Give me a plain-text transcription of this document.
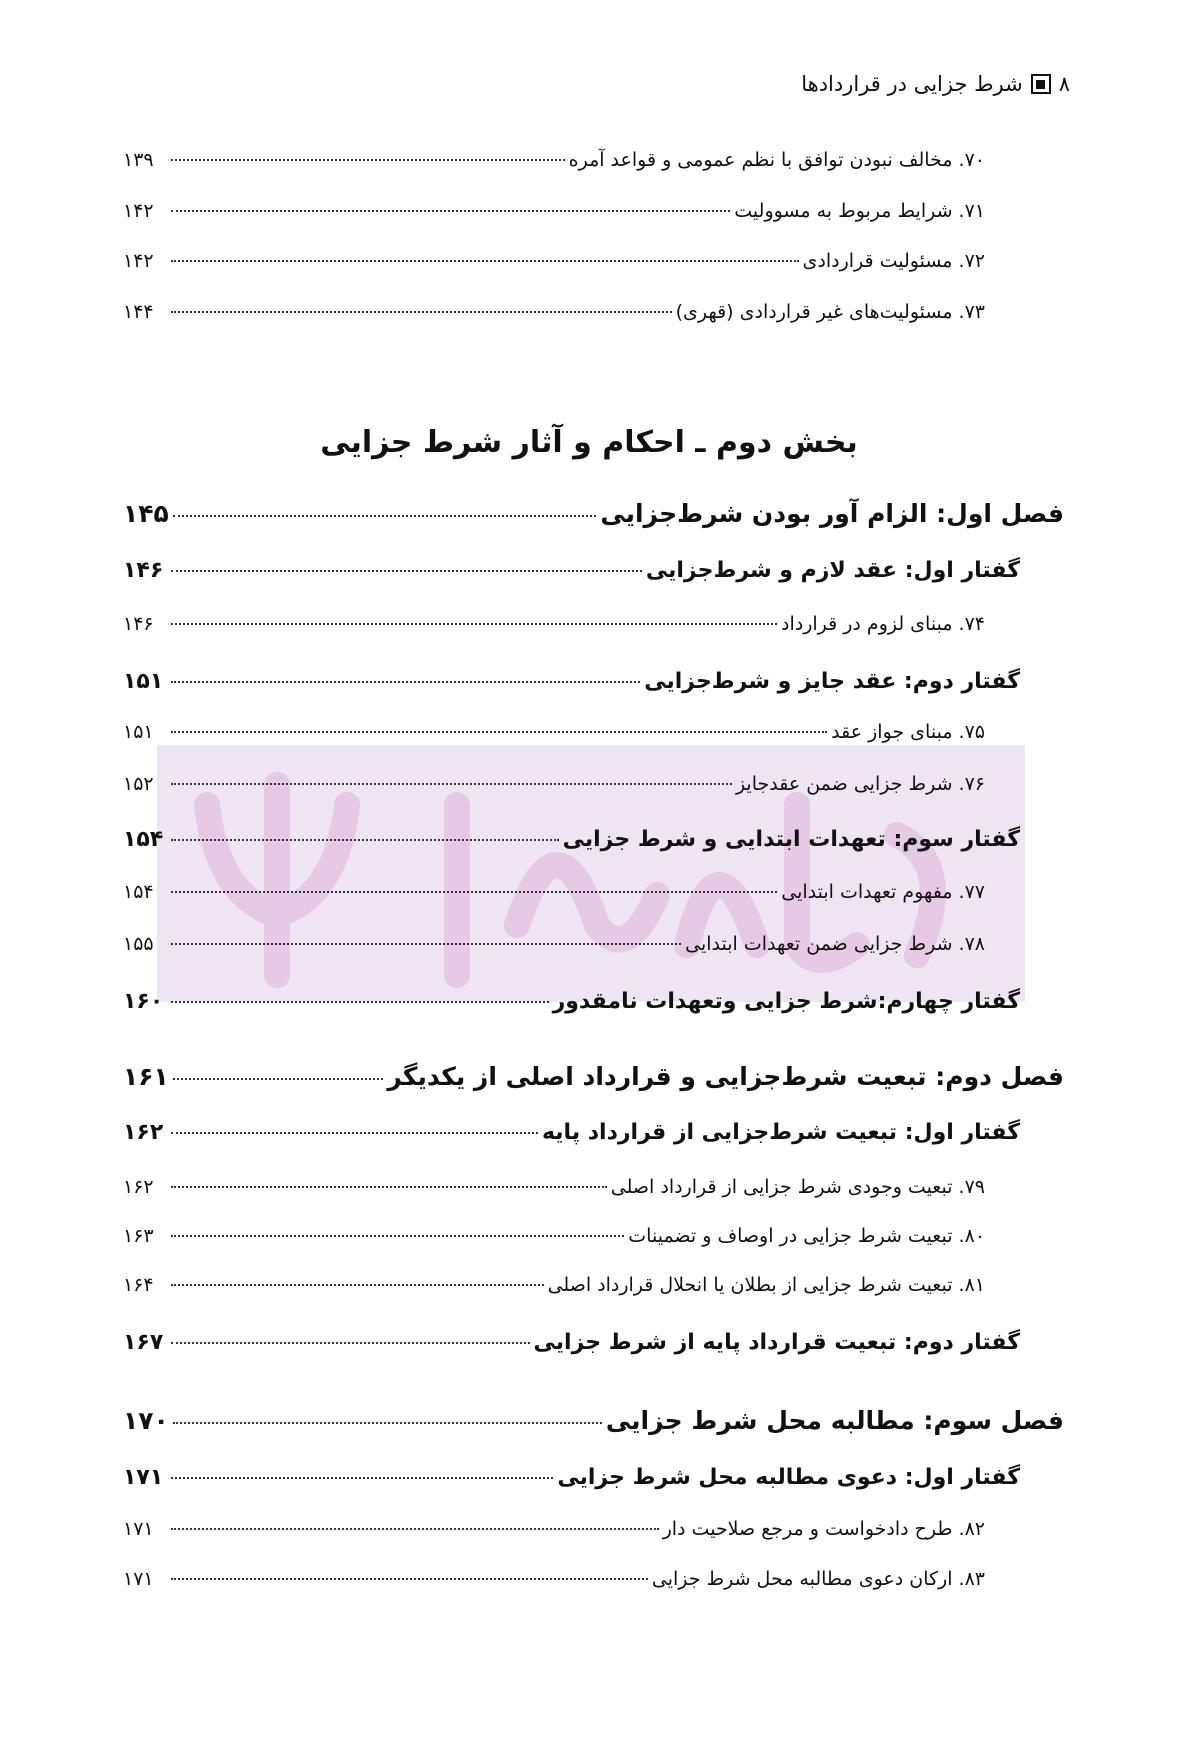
۸
شرط جزایی در قراردادها
بخش دوم ـ احکام و آثار شرط جزایی
۷۰. مخالف نبودن توافق با نظم عمومی و قواعد آمره
۱۳۹
۷۱. شرایط مربوط به مسوولیت
۱۴۲
۷۲. مسئولیت قراردادی
۱۴۲
۷۳. مسئولیت‌های غیر قراردادی (قهری)
۱۴۴
فصل اول: الزام آور بودن شرط‌جزایی
۱۴۵
گفتار اول: عقد لازم و شرط‌جزایی
۱۴۶
۷۴. مبنای لزوم در قرارداد
۱۴۶
گفتار دوم: عقد جایز و شرط‌جزایی
۱۵۱
۷۵. مبنای جواز عقد
۱۵۱
۷۶. شرط جزایی ضمن عقدجایز
۱۵۲
گفتار سوم: تعهدات ابتدایی و شرط جزایی
۱۵۴
۷۷. مفهوم تعهدات ابتدایی
۱۵۴
۷۸. شرط جزایی ضمن تعهدات ابتدایی
۱۵۵
گفتار چهارم:شرط جزایی وتعهدات نامقدور
۱۶۰
فصل دوم: تبعیت شرط‌جزایی و قرارداد اصلی از یکدیگر
۱۶۱
گفتار اول: تبعیت شرط‌جزایی از قرارداد پایه
۱۶۲
۷۹. تبعیت وجودی شرط جزایی از قرارداد اصلی
۱۶۲
۸۰. تبعیت شرط جزایی در اوصاف و تضمینات
۱۶۳
۸۱. تبعیت شرط جزایی از بطلان یا انحلال قرارداد اصلی
۱۶۴
گفتار دوم: تبعیت قرارداد پایه از شرط جزایی
۱۶۷
فصل سوم: مطالبه محل شرط جزایی
۱۷۰
گفتار اول: دعوی مطالبه محل شرط جزایی
۱۷۱
۸۲. طرح دادخواست و مرجع صلاحیت دار
۱۷۱
۸۳. ارکان دعوی مطالبه محل شرط جزایی
۱۷۱
